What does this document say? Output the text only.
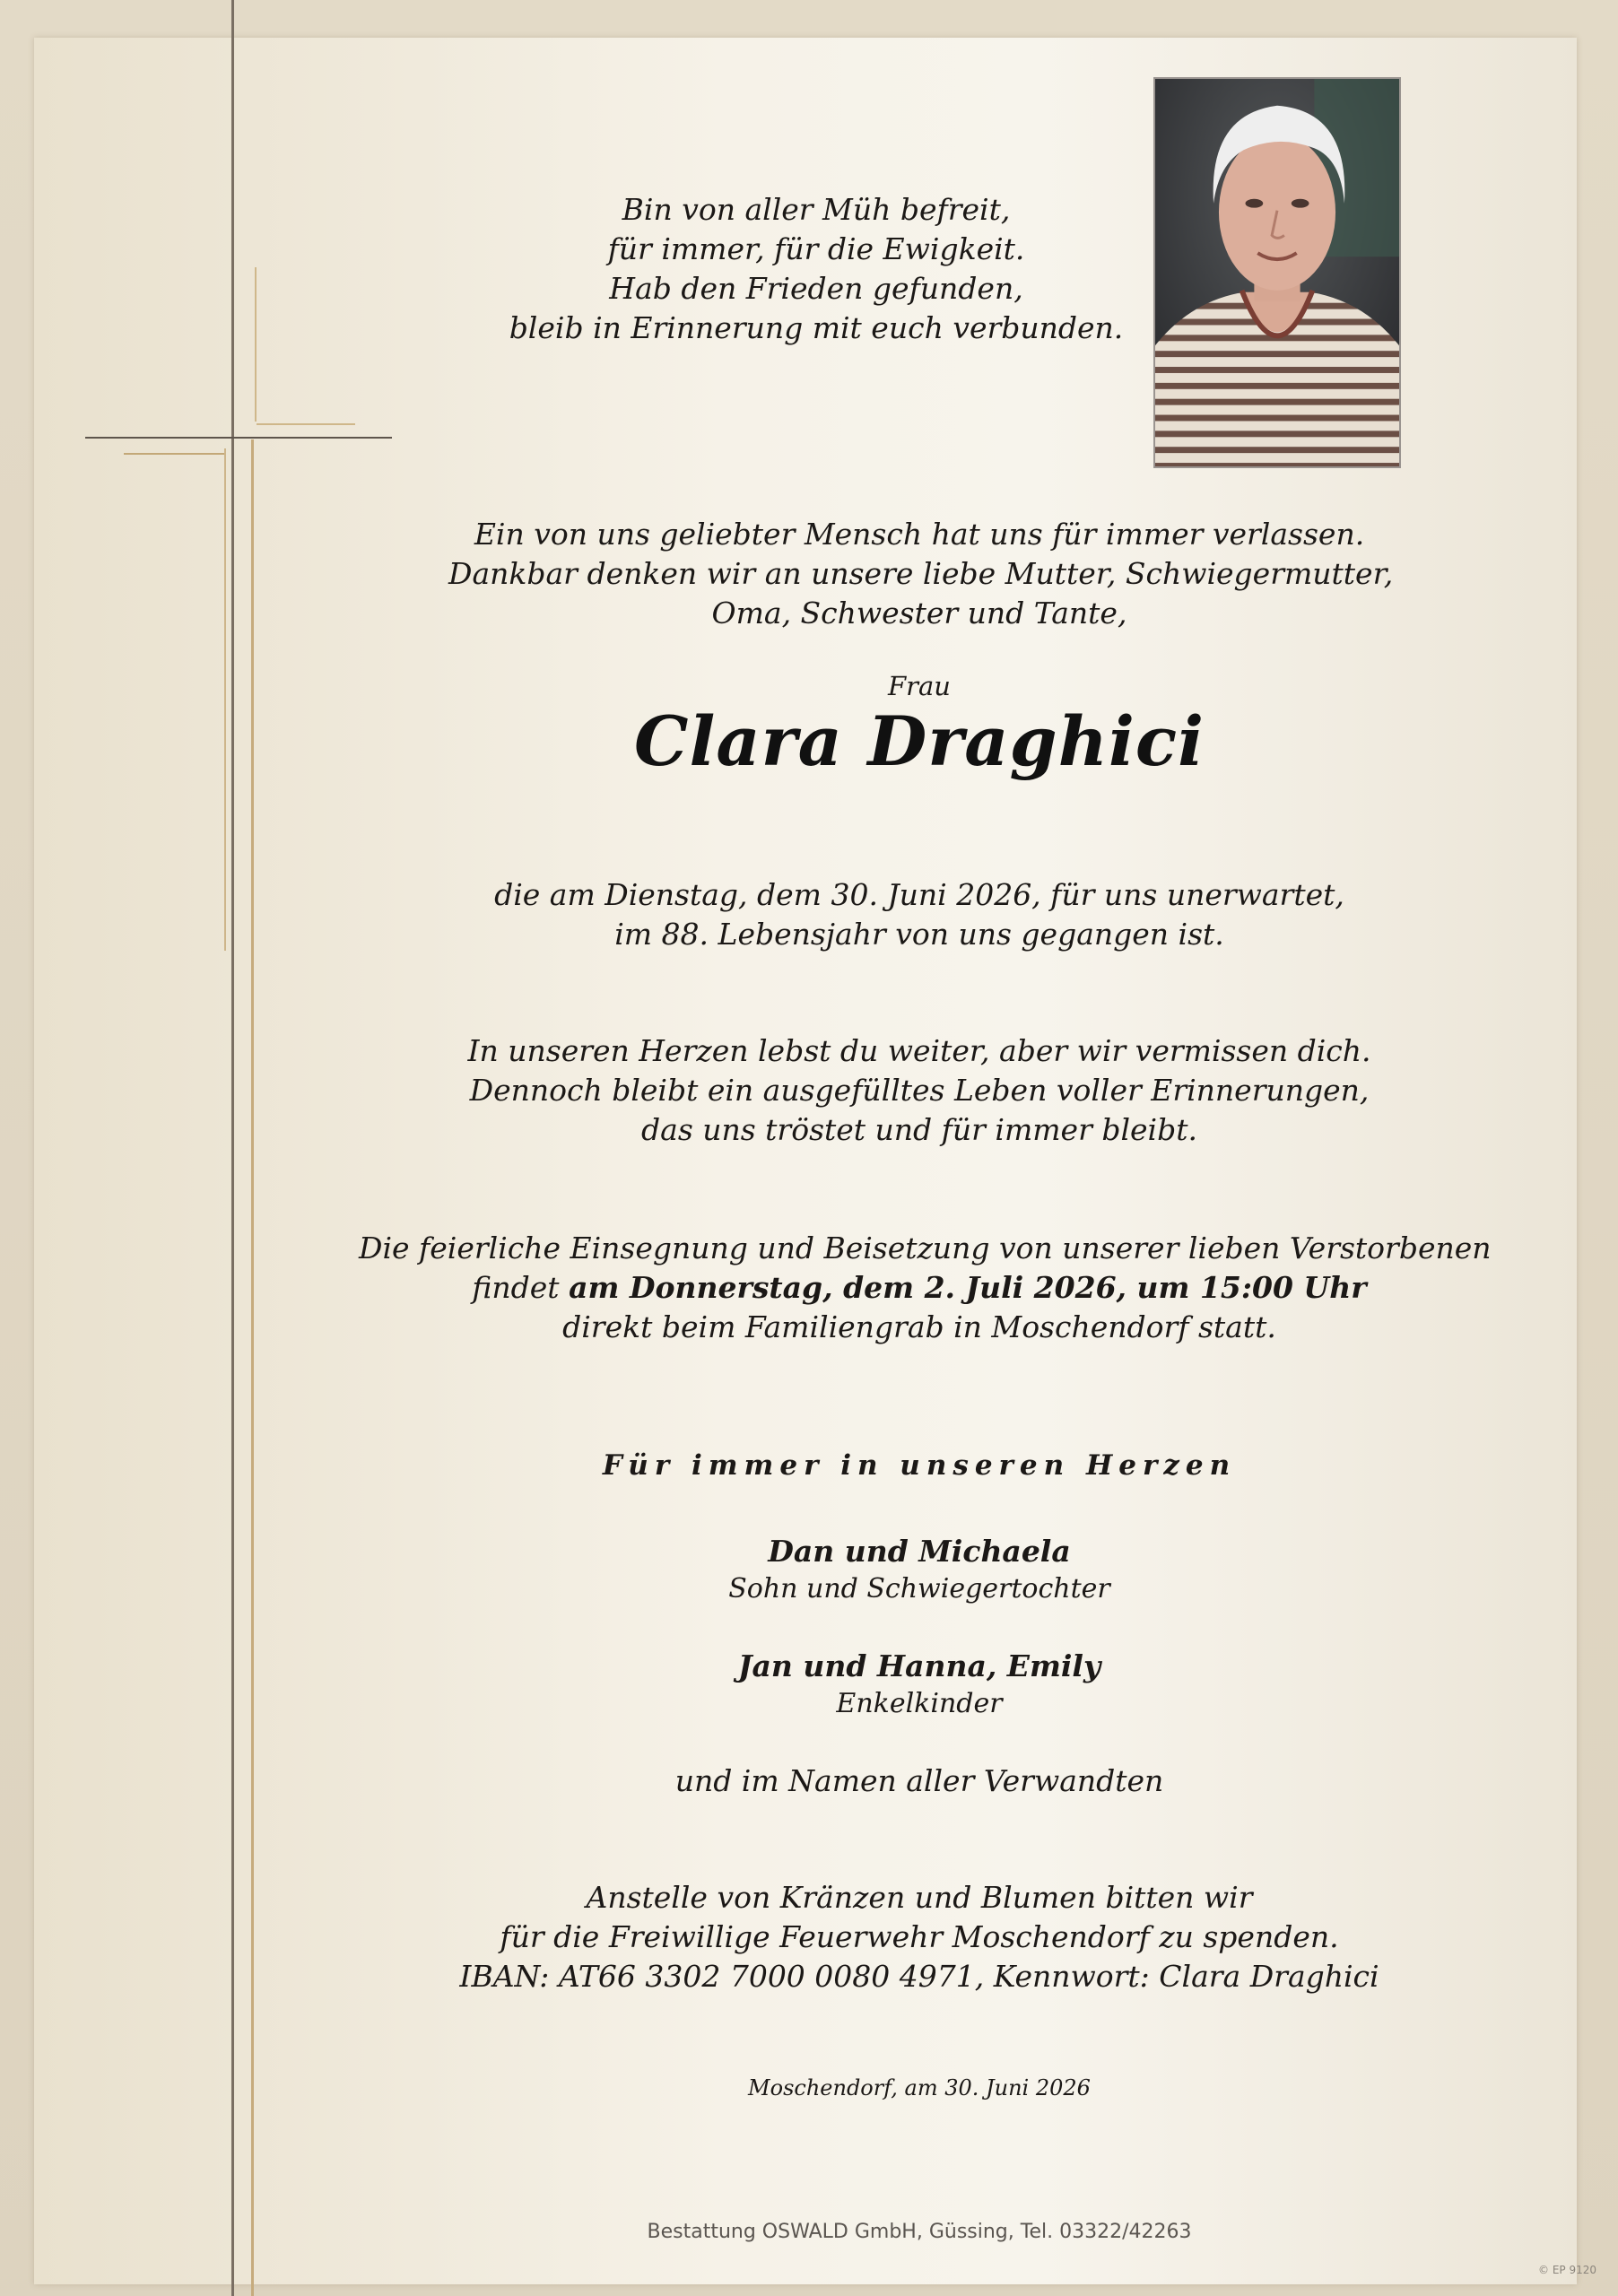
Bin von aller Müh befreit,
für immer, für die Ewigkeit.
Hab den Frieden gefunden,
bleib in Erinnerung mit euch verbunden.
Ein von uns geliebter Mensch hat uns für immer verlassen.
Dankbar denken wir an unsere liebe Mutter, Schwiegermutter,
Oma, Schwester und Tante,
Frau
Clara Draghici
die am Dienstag, dem 30. Juni 2026, für uns unerwartet,
im 88. Lebensjahr von uns gegangen ist.
In unseren Herzen lebst du weiter, aber wir vermissen dich.
Dennoch bleibt ein ausgefülltes Leben voller Erinnerungen,
das uns tröstet und für immer bleibt.
Die feierliche Einsegnung und Beisetzung von unserer lieben Verstorbenen
findet am Donnerstag, dem 2. Juli 2026, um 15:00 Uhr
direkt beim Familiengrab in Moschendorf statt.
Für immer in unseren Herzen
Dan und Michaela
Sohn und Schwiegertochter
Jan und Hanna, Emily
Enkelkinder
und im Namen aller Verwandten
Anstelle von Kränzen und Blumen bitten wir
für die Freiwillige Feuerwehr Moschendorf zu spenden.
IBAN: AT66 3302 7000 0080 4971, Kennwort: Clara Draghici
Moschendorf, am 30. Juni 2026
Bestattung OSWALD GmbH, Güssing, Tel. 03322/42263
© EP 9120
